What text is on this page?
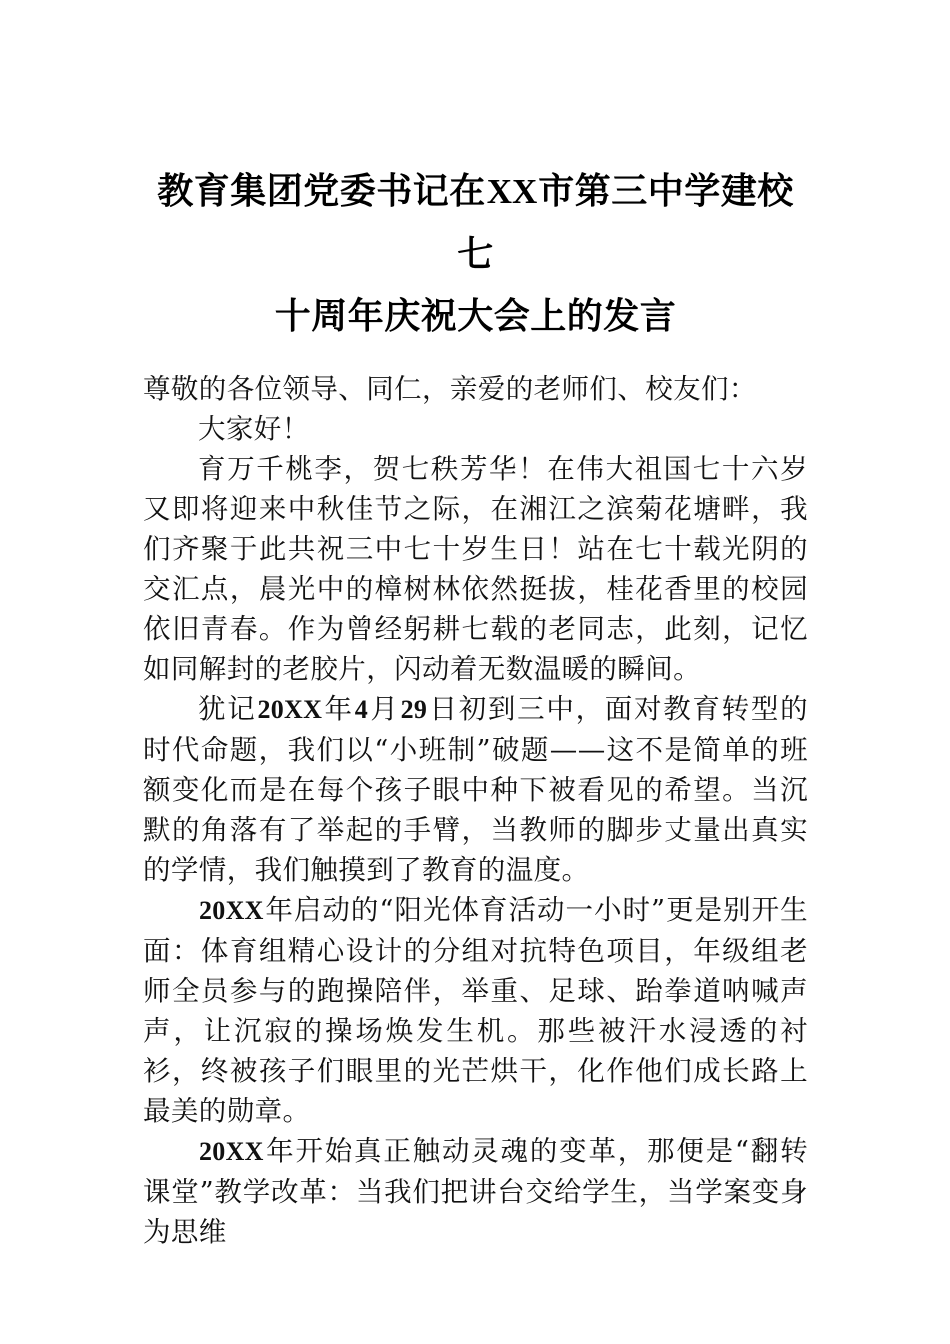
教育集团党委书记在XX市第三中学建校七
十周年庆祝大会上的发言

尊敬的各位领导、同仁，亲爱的老师们、校友们：

大家好！

育万千桃李，贺七秩芳华！在伟大祖国七十六岁又即将迎来中秋佳节之际，在湘江之滨菊花塘畔，我们齐聚于此共祝三中七十岁生日！站在七十载光阴的交汇点，晨光中的樟树林依然挺拔，桂花香里的校园依旧青春。作为曾经躬耕七载的老同志，此刻，记忆如同解封的老胶片，闪动着无数温暖的瞬间。

犹记20XX年4月29日初到三中，面对教育转型的时代命题，我们以“小班制”破题——这不是简单的班额变化而是在每个孩子眼中种下被看见的希望。当沉默的角落有了举起的手臂，当教师的脚步丈量出真实的学情，我们触摸到了教育的温度。

20XX年启动的“阳光体育活动一小时”更是别开生面：体育组精心设计的分组对抗特色项目，年级组老师全员参与的跑操陪伴，举重、足球、跆拳道呐喊声声，让沉寂的操场焕发生机。那些被汗水浸透的衬衫，终被孩子们眼里的光芒烘干，化作他们成长路上最美的勋章。

20XX年开始真正触动灵魂的变革，那便是“翻转课堂”教学改革：当我们把讲台交给学生，当学案变身为思维
